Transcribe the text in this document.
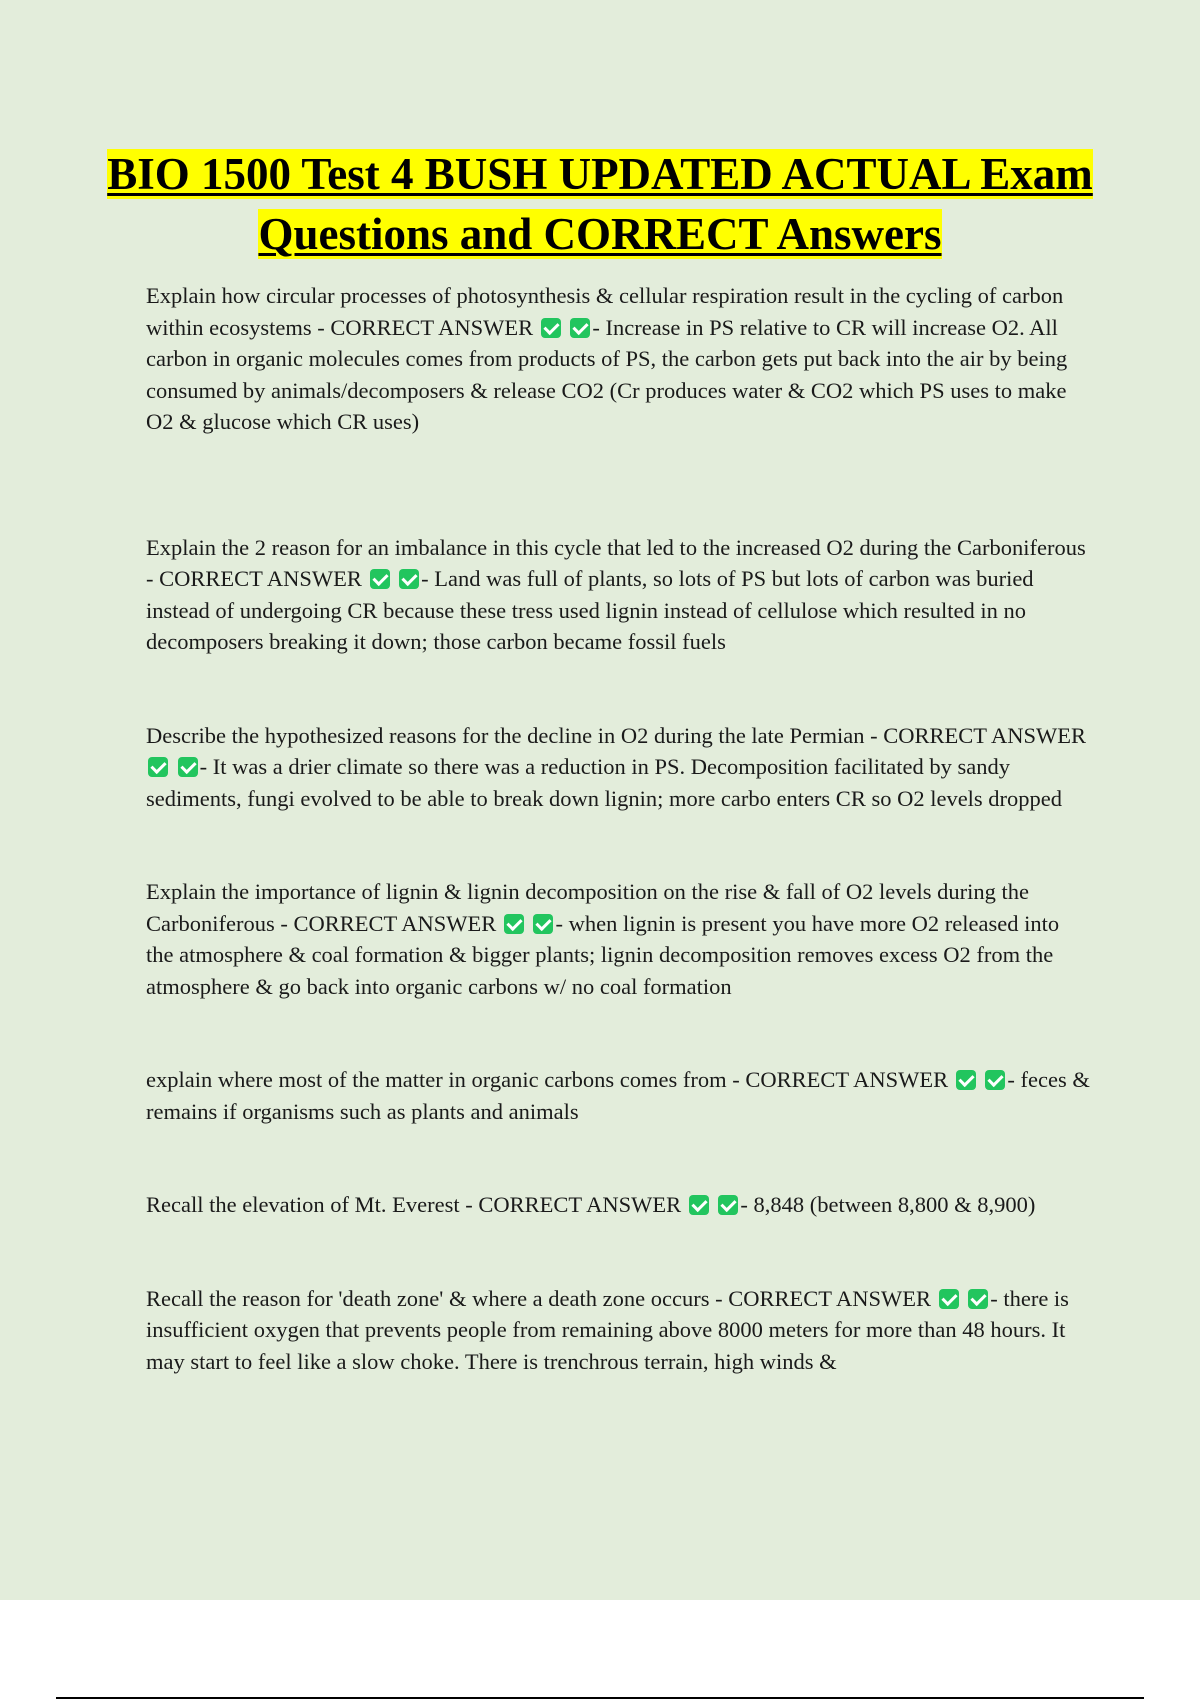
BIO 1500 Test 4 BUSH UPDATED ACTUAL Exam Questions and CORRECT Answers

Explain how circular processes of photosynthesis & cellular respiration result in the cycling of carbon within ecosystems - CORRECT ANSWER	- Increase in PS relative to CR will increase O2. All carbon in organic molecules comes from products of PS, the carbon gets put back into the air by being consumed by animals/decomposers & release CO2 (Cr produces water & CO2 which PS uses to make O2 & glucose which CR uses)

Explain the 2 reason for an imbalance in this cycle that led to the increased O2 during the Carboniferous - CORRECT ANSWER	- Land was full of plants, so lots of PS but lots of carbon was buried instead of undergoing CR because these tress used lignin instead of cellulose which resulted in no decomposers breaking it down; those carbon became fossil fuels

Describe the hypothesized reasons for the decline in O2 during the late Permian - CORRECT ANSWER  - It was a drier climate so there was a reduction in PS. Decomposition facilitated by sandy sediments, fungi evolved to be able to break down lignin; more carbo enters CR so O2 levels dropped

Explain the importance of lignin & lignin decomposition on the rise & fall of O2 levels during the Carboniferous - CORRECT ANSWER	- when lignin is present you have more O2 released into the atmosphere & coal formation & bigger plants; lignin decomposition removes excess O2 from the atmosphere & go back into organic carbons w/ no coal formation

explain where most of the matter in organic carbons comes from - CORRECT ANSWER	- feces & remains if organisms such as plants and animals

Recall the elevation of Mt. Everest - CORRECT ANSWER	- 8,848 (between 8,800 & 8,900)

Recall the reason for 'death zone' & where a death zone occurs - CORRECT ANSWER	- there is insufficient oxygen that prevents people from remaining above 8000 meters for more than 48 hours. It may start to feel like a slow choke. There is trenchrous terrain, high winds &
